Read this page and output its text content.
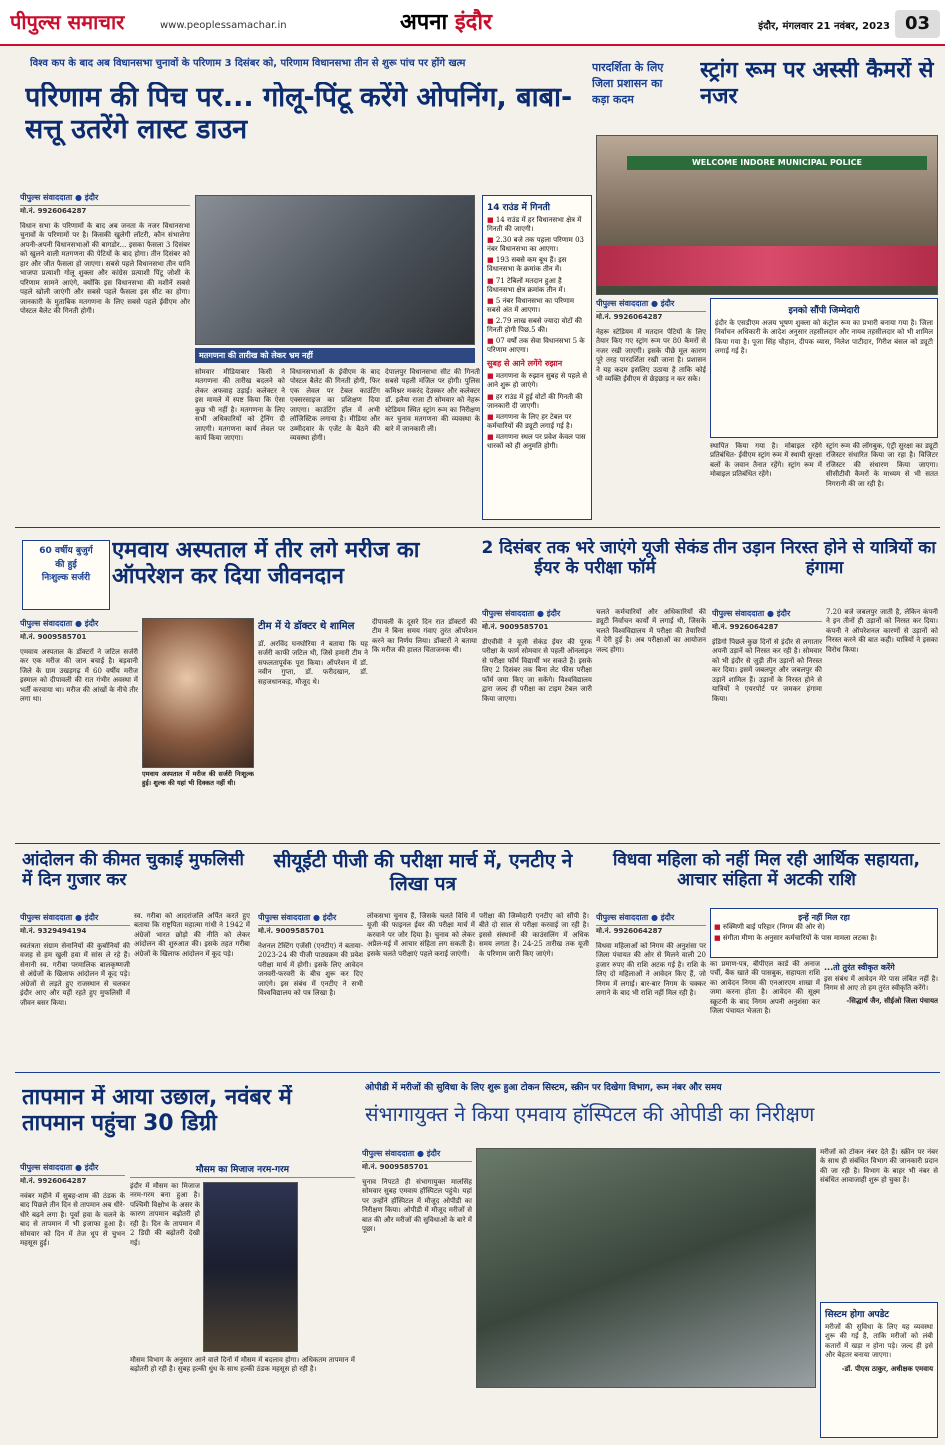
पीपुल्स समाचार	www.peoplessamachar.in	अपना इंदौर	इंदौर, मंगलवार 21 नवंबर, 2023 03
विश्व कप के बाद अब विधानसभा चुनावों के परिणाम 3 दिसंबर को, परिणाम विधानसभा तीन से शुरू पांच पर होंगे खत्म
परिणाम की पिच पर... गोलू-पिंटू करेंगे ओपनिंग, बाबा-सत्तू उतरेंगे लास्ट डाउन
पीपुल्स संवाददाता ● इंदौर
मो.नं. 9926064287
विधान सभा के परिणामों के बाद अब जनता के नजर विधानसभा चुनावों के परिणामों पर है। किसकी खुलेगी लॉटरी, कौन संभालेगा अपनी-अपनी विधानसभाओं की बागडोर... इसका फैसला 3 दिसंबर को खुलने वाली मतगणना की पेटियों के बाद होगा। तीन दिसंबर को हार और जीत फैसला हो जाएगा। सबसे पहले विधानसभा तीन यानि भाजपा प्रत्याशी गोलू शुक्ला और कांग्रेस प्रत्याशी पिंटू जोशी के परिणाम सामने आएंगे, क्योंकि इस विधानसभा की मशीनें सबसे पहले खोली जाएंगी और सबसे पहले फैसला इस सीट का होगा। जानकारी के मुताबिक मतगणना के लिए सबसे पहले ईवीएम और पोस्टल बैलेट की गिनती होगी।
मतगणना की तारीख को लेकर भ्रम नहीं
सोमवार मीडियाबार किसी ने मतगणना की तारीख बदलने को लेकर अफवाह उड़ाई। कलेक्टर ने इस मामले में स्पष्ट किया कि ऐसा कुछ भी नहीं है। मतगणना के लिए सभी अधिकारियों को ट्रेनिंग दी जाएगी। मतगणना कार्य लेवल पर कार्य किया जाएगा।
विधानसभाओं के ईवीएम के बाद पोस्टल बैलेट की गिनती होगी, फिर एक लेवल पर टेबल काउंटिंग एक्सरसाइज का प्रशिक्षण दिया जाएगा। काउंटिंग हॉल में अभी लॉजिस्टिक लगाया है। मीडिया और उम्मीदवार के एजेंट के बैठने की व्यवस्था होगी।
देपालपुर विधानसभा सीट की गिनती सबसे पहली मंजिल पर होगी। पुलिस कमिश्नर मकरंद देउस्कर और कलेक्टर डॉ. इलैया राजा टी सोमवार को नेहरू स्टेडियम स्थित स्ट्रांग रूम का निरीक्षण कर चुनाव मतगणना की व्यवस्था के बारे में जानकारी ली।
14 राउंड में गिनती
■ 14 राउंड में हर विधानसभा क्षेत्र में गिनती की जाएगी।
■ 2.30 बजे तक पहला परिणाम 03 नंबर विधानसभा का आएगा।
■ 193 सबसे कम बूथ हैं। इस विधानसभा के क्रमांक तीन में।
■ 71 टेबिलों मतदान हुआ है विधानसभा क्षेत्र क्रमांक तीन में।
■ 5 नंबर विधानसभा का परिणाम सबसे अंत में आएगा।
■ 2.79 लाख सबसे ज्यादा वोटों की गिनती होगी पिछ.5 की।
■ 07 वर्षों तक सेवा विधानसभा 5 के परिणाम आएगा।
सुबह से आने लगेंगे रुझान
■ मतगणना के रुझान सुबह से पहले से आने शुरू हो जाएंगे।
■ हर राउंड में हुई वोटों की गिनती की जानकारी दी जाएगी।
■ मतगणना के लिए हर टेबल पर कर्मचारियों की ड्यूटी लगाई गई है।
■ मतगणना स्थल पर प्रवेश केवल पास धारकों को ही अनुमति होगी।
पारदर्शिता के लिए
जिला प्रशासन का
कड़ा कदम
स्ट्रांग रूम पर अस्सी कैमरों से नजर
WELCOME INDORE MUNICIPAL POLICE
पीपुल्स संवाददाता ● इंदौर
मो.नं. 9926064287
नेहरू स्टेडियम में मतदान पेटियों के लिए तैयार किए गए स्ट्रांग रूम पर 80 कैमरों से नजर रखी जाएगी। इसके पीछे मूल कारण पूरे तरह पारदर्शिता रखी जाना है। प्रशासन ने यह कदम इसलिए उठाया है ताकि कोई भी व्यक्ति ईवीएम से छेड़छाड़ न कर सके।
इनको सौंपी जिम्मेदारी
इंदौर के एसडीएम अजय भूषण शुक्ला को कंट्रोल रूम का प्रभारी बनाया गया है। जिला निर्वाचन अधिकारी के आदेश अनुसार तहसीलदार और नायब तहसीलदार को भी शामिल किया गया है। पूजा सिंह चौहान, दीपक व्यास, निलेश पाटीदार, गिरीश बंसल को ड्यूटी लगाई गई है।
स्थापित किया गया है। मोबाइल रहेंगे प्रतिबंधित- ईवीएम स्ट्रांग रूम में स्थायी सुरक्षा बलों के जवान तैनात रहेंगे। स्ट्रांग रूम में मोबाइल प्रतिबंधित रहेंगे।
स्ट्रांग रूम की लॉगबुक, एंट्री सुरक्षा का ड्यूटी रजिस्टर संधारित किया जा रहा है। विजिटर रजिस्टर की संधारण किया जाएगा। सीसीटीवी कैमरों के माध्यम से भी सतत निगरानी की जा रही है।
60 वर्षीय बुजुर्ग
की हुई
निःशुल्क सर्जरी
एमवाय अस्पताल में तीर लगे मरीज का ऑपरेशन कर दिया जीवनदान
पीपुल्स संवाददाता ● इंदौर
मो.नं. 9009585701
एमवाय अस्पताल के डॉक्टरों ने जटिल सर्जरी कर एक मरीज की जान बचाई है। बड़वानी जिले के ग्राम उखड़गढ़ में 60 वर्षीय मरीज इस्माल को दीपावली की रात गंभीर अवस्था में भर्ती करवाया था। मरीज की आंखों के नीचे तीर लगा था।
एमवाय अस्पताल में मरीज की सर्जरी निःशुल्क हुई। शुल्क की यहां भी दिक्कत नहीं थी।
टीम में ये डॉक्टर थे शामिल
डॉ. अरविंद घनघोरिया ने बताया कि यह सर्जरी काफी जटिल थी, जिसे हमारी टीम ने सफलतापूर्वक पूरा किया। ऑपरेशन में डॉ. नवीन गुप्ता, डॉ. फरीदखान, डॉ. सहजधानकड़, मौजूद थे।
दीपावली के दूसरे दिन रात डॉक्टरों की टीम ने बिना समय गंवाए तुरंत ऑपरेशन करने का निर्णय लिया। डॉक्टरों ने बताया कि मरीज की हालत चिंताजनक थी।
2 दिसंबर तक भरे जाएंगे यूजी सेकंड ईयर के परीक्षा फॉर्म
पीपुल्स संवाददाता ● इंदौर
मो.नं. 9009585701
डीएवीवी ने यूजी सेकंड ईयर की पूरक परीक्षा के फार्म सोमवार से पहली ऑनलाइन से परीक्षा फॉर्म विद्यार्थी भर सकते हैं। इसके लिए 2 दिसंबर तक बिना लेट फीस परीक्षा फॉर्म जमा किए जा सकेंगे। विश्वविद्यालय द्वारा जल्द ही परीक्षा का टाइम टेबल जारी किया जाएगा।
चलते कर्मचारियों और अधिकारियों की ड्यूटी निर्वाचन कार्यों में लगाई थी, जिसके चलते विश्वविद्यालय में परीक्षा की तैयारियों में देरी हुई है। अब परीक्षाओं का आयोजन जल्द होगा।
तीन उड़ान निरस्त होने से यात्रियों का हंगामा
पीपुल्स संवाददाता ● इंदौर
मो.नं. 9926064287
इंडिगो पिछले कुछ दिनों से इंदौर से लगातार अपनी उड़ानें को निरस्त कर रही है। सोमवार को भी इंदौर से जुड़ी तीन उड़ानों को निरस्त कर दिया। इसमें जबलपुर और जबलपुर की उड़ानें शामिल हैं। उड़ानों के निरस्त होने से यात्रियों ने एयरपोर्ट पर जमकर हंगामा किया।
7.20 बजे जबलपुर जाती है, लेकिन कंपनी ने इन तीनों ही उड़ानों को निरस्त कर दिया। कंपनी ने ऑपरेशनल कारणों से उड़ानों को निरस्त करने की बात कही। यात्रियों ने इसका विरोध किया।
आंदोलन की कीमत चुकाई मुफलिसी में दिन गुजार कर
पीपुल्स संवाददाता ● इंदौर
मो.नं. 9329494194
स्वतंत्रता संग्राम सेनानियों की कुर्बानियों की वजह से हम खुली हवा में सांस ले रहे हैं। सेनानी स्व. गरीबा परमालिक बालकृष्णजी से अंग्रेजों के खिलाफ आंदोलन में कूद पड़े। अंग्रेजों से लड़ते हुए राजस्थान से चलकर इंदौर आए और यहीं रहते हुए मुफलिसी में जीवन बसर किया।
स्व. गरीबा को आदरांजलि अर्पित करते हुए बताया कि राष्ट्रपिता महात्मा गांधी ने 1942 में अंग्रेजों भारत छोड़ो की नीति को लेकर आंदोलन की शुरुआत की। इसके तहत गरीबा अंग्रेजों के खिलाफ आंदोलन में कूद पड़े।
सीयूईटी पीजी की परीक्षा मार्च में, एनटीए ने लिखा पत्र
पीपुल्स संवाददाता ● इंदौर
मो.नं. 9009585701
नेशनल टेस्टिंग एजेंसी (एनटीए) ने बताया- 2023-24 की पीजी पाठ्यक्रम की प्रवेश परीक्षा मार्च में होगी। इसके लिए आवेदन जनवरी-फरवरी के बीच शुरू कर दिए जाएंगे। इस संबंध में एनटीए ने सभी विश्वविद्यालय को पत्र लिखा है।
लोकसभा चुनाव हैं, जिसके चलते विधि में यूजी की फाइनल ईयर की परीक्षा मार्च में करवाने पर जोर दिया है। चुनाव को लेकर अप्रैल-मई में आचार संहिता लग सकती है। इसके चलते परीक्षाएं पहले कराई जाएंगी।
परीक्षा की जिम्मेदारी एनटीए को सौंपी है। बीते दो साल से परीक्षा करवाई जा रही है। इससे संस्थानों की काउंसलिंग में अधिक समय लगता है। 24-25 तारीख तक यूजी के परिणाम जारी किए जाएंगे।
विधवा महिला को नहीं मिल रही आर्थिक सहायता, आचार संहिता में अटकी राशि
पीपुल्स संवाददाता ● इंदौर
मो.नं. 9926064287
विधवा महिलाओं को निगम की अनुशंसा पर जिला पंचायत की ओर से मिलने वाली 20 हजार रुपए की राशि अटक गई है। राशि के लिए दो महिलाओं ने आवेदन किए हैं, जो निगम में लगाई। बार-बार निगम के चक्कर लगाने के बाद भी राशि नहीं मिल रही है।
का प्रमाण-पत्र, बीपीएल कार्ड की अनाज पर्ची, बैंक खाते की पासबुक, सहायता राशि का आवेदन निगम की एनआरएम शाखा में जमा करना होता है। आवेदन की सूक्ष्म स्क्रूटनी के बाद निगम अपनी अनुशंसा कर जिला पंचायत भेजता है।
इन्हें नहीं मिल रहा
■ रुक्मिणी बाई परिहार (निगम की ओर से)
■ संगीता मीणा के अनुसार कर्मचारियों के पास मामला लटका है।
...तो तुरंत स्वीकृत करेंगे
इस संबंध में आवेदन मेरे पास लंबित नहीं है। निगम से आए तो हम तुरंत स्वीकृति करेंगे।
-सिद्धार्थ जैन, सीईओ जिला पंचायत
तापमान में आया उछाल, नवंबर में तापमान पहुंचा 30 डिग्री
पीपुल्स संवाददाता ● इंदौर
मो.नं. 9926064287
नवंबर महीने में सुबह-शाम की ठंडक के बाद पिछले तीन दिन से तापमान अब धीरे-धीरे बढ़ने लगा है। पूर्वा हवा के चलने के बाद से तापमान में भी इजाफा हुआ है। सोमवार को दिन में तेज धूप से चुभन महसूस हुई।
मौसम का मिजाज नरम-गरम
इंदौर में मौसम का मिजाज नरम-गरम बना हुआ है। पश्चिमी विक्षोभ के असर के कारण तापमान बढ़ोतरी हो रही है। दिन के तापमान में 2 डिग्री की बढ़ोतरी देखी गई।
मौसम विभाग के अनुसार आने वाले दिनों में मौसम में बदलाव होगा। अधिकतम तापमान में बढ़ोतरी हो रही है। सुबह हल्की धुंध के साथ हल्की ठंडक महसूस हो रही है।
ओपीडी में मरीजों की सुविधा के लिए शुरू हुआ टोकन सिस्टम, स्क्रीन पर दिखेगा विभाग, रूम नंबर और समय
संभागायुक्त ने किया एमवाय हॉस्पिटल की ओपीडी का निरीक्षण
पीपुल्स संवाददाता ● इंदौर
मो.नं. 9009585701
चुनाव निपटते ही संभागायुक्त मालसिंह सोमवार सुबह एमवाय हॉस्पिटल पहुंचे। यहां पर उन्होंने हॉस्पिटल में मौजूद ओपीडी का निरीक्षण किया। ओपीडी में मौजूद मरीजों से बात की और मरीजों की सुविधाओं के बारे में पूछा।
मरीजों को टोकन नंबर देते हैं। स्क्रीन पर नंबर के साथ ही संबंधित विभाग की जानकारी प्रदान की जा रही है। विभाग के बाहर भी नंबर से संबंधित आवाजाही शुरू हो चुका है।
सिस्टम होगा अपडेट
मरीजों की सुविधा के लिए यह व्यवस्था शुरू की गई है, ताकि मरीजों को लंबी कतारों में खड़ा न होना पड़े। जल्द ही इसे और बेहतर बनाया जाएगा।
-डॉ. पीएस ठाकुर, अधीक्षक एमवाय
